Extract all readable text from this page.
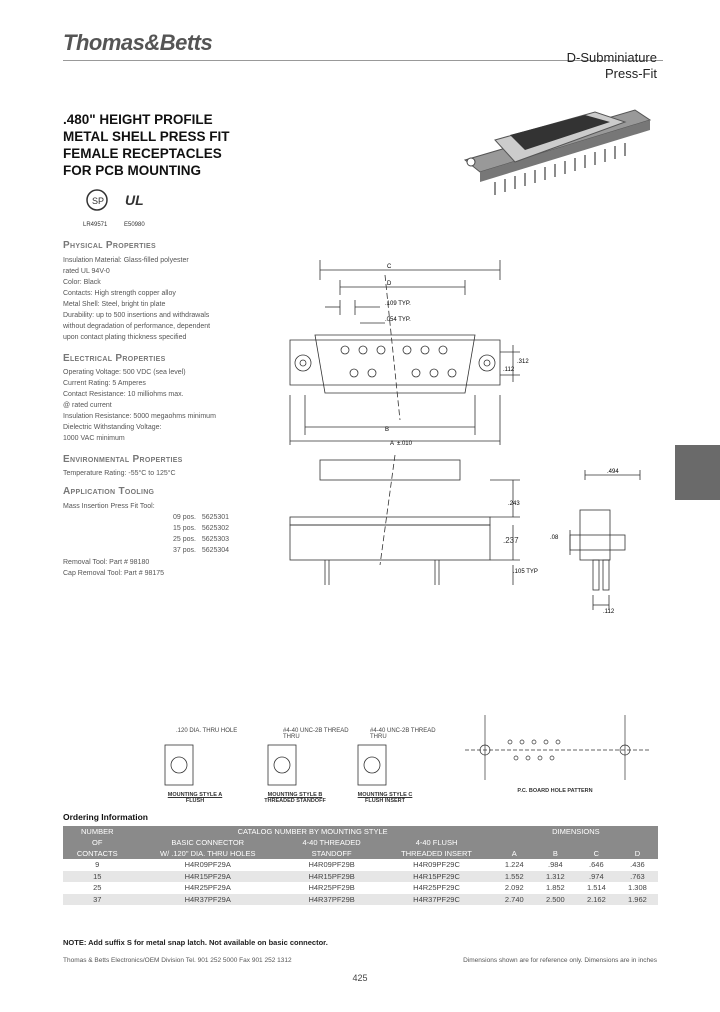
Thomas&Betts
D-Subminiature
Press-Fit
.480" HEIGHT PROFILE
METAL SHELL PRESS FIT
FEMALE RECEPTACLES
FOR PCB MOUNTING
SP UL
LR49571	E50980
Physical Properties
Insulation Material: Glass-filled polyester
rated UL 94V-0
Color: Black
Contacts: High strength copper alloy
Metal Shell: Steel, bright tin plate
Durability: up to 500 insertions and withdrawals
without degradation of performance, dependent
upon contact plating thickness specified
Electrical Properties
Operating Voltage: 500 VDC (sea level)
Current Rating: 5 Amperes
Contact Resistance: 10 milliohms max.
@ rated current
Insulation Resistance: 5000 megaohms minimum
Dielectric Withstanding Voltage:
1000 VAC minimum
Environmental Properties
Temperature Rating: -55°C to 125°C
Application Tooling
Mass Insertion Press Fit Tool:
09 pos. 5625301
15 pos. 5625302
25 pos. 5625303
37 pos. 5625304
Removal Tool: Part # 98180
Cap Removal Tool: Part # 98175
C
D
.109 TYP.
.054 TYP.
.312
.112
B
A ±.010
.243
.237
.105 TYP
.494
.08
.112
.120 DIA. THRU HOLE	#4-40 UNC-2B THREAD THRU
#4-40 UNC-2B THREAD THRU
MOUNTING STYLE A
FLUSH
MOUNTING STYLE B
THREADED STANDOFF
MOUNTING STYLE C
FLUSH INSERT
P.C. BOARD HOLE PATTERN
Ordering Information
NUMBER	CATALOG NUMBER BY MOUNTING STYLE			DIMENSIONS			
OF	BASIC CONNECTOR	4-40 THREADED	4-40 FLUSH				
CONTACTS	W/ .120" DIA. THRU HOLES	STANDOFF	THREADED INSERT	A	B	C	D
9	H4R09PF29A	H4R09PF29B	H4R09PF29C	1.224	.984	.646	.436
15	H4R15PF29A	H4R15PF29B	H4R15PF29C	1.552	1.312	.974	.763
25	H4R25PF29A	H4R25PF29B	H4R25PF29C	2.092	1.852	1.514	1.308
37	H4R37PF29A	H4R37PF29B	H4R37PF29C	2.740	2.500	2.162	1.962
NOTE: Add suffix S for metal snap latch. Not available on basic connector.
Thomas & Betts Electronics/OEM Division Tel. 901 252 5000 Fax 901 252 1312	Dimensions shown are for reference only. Dimensions are in inches
425
